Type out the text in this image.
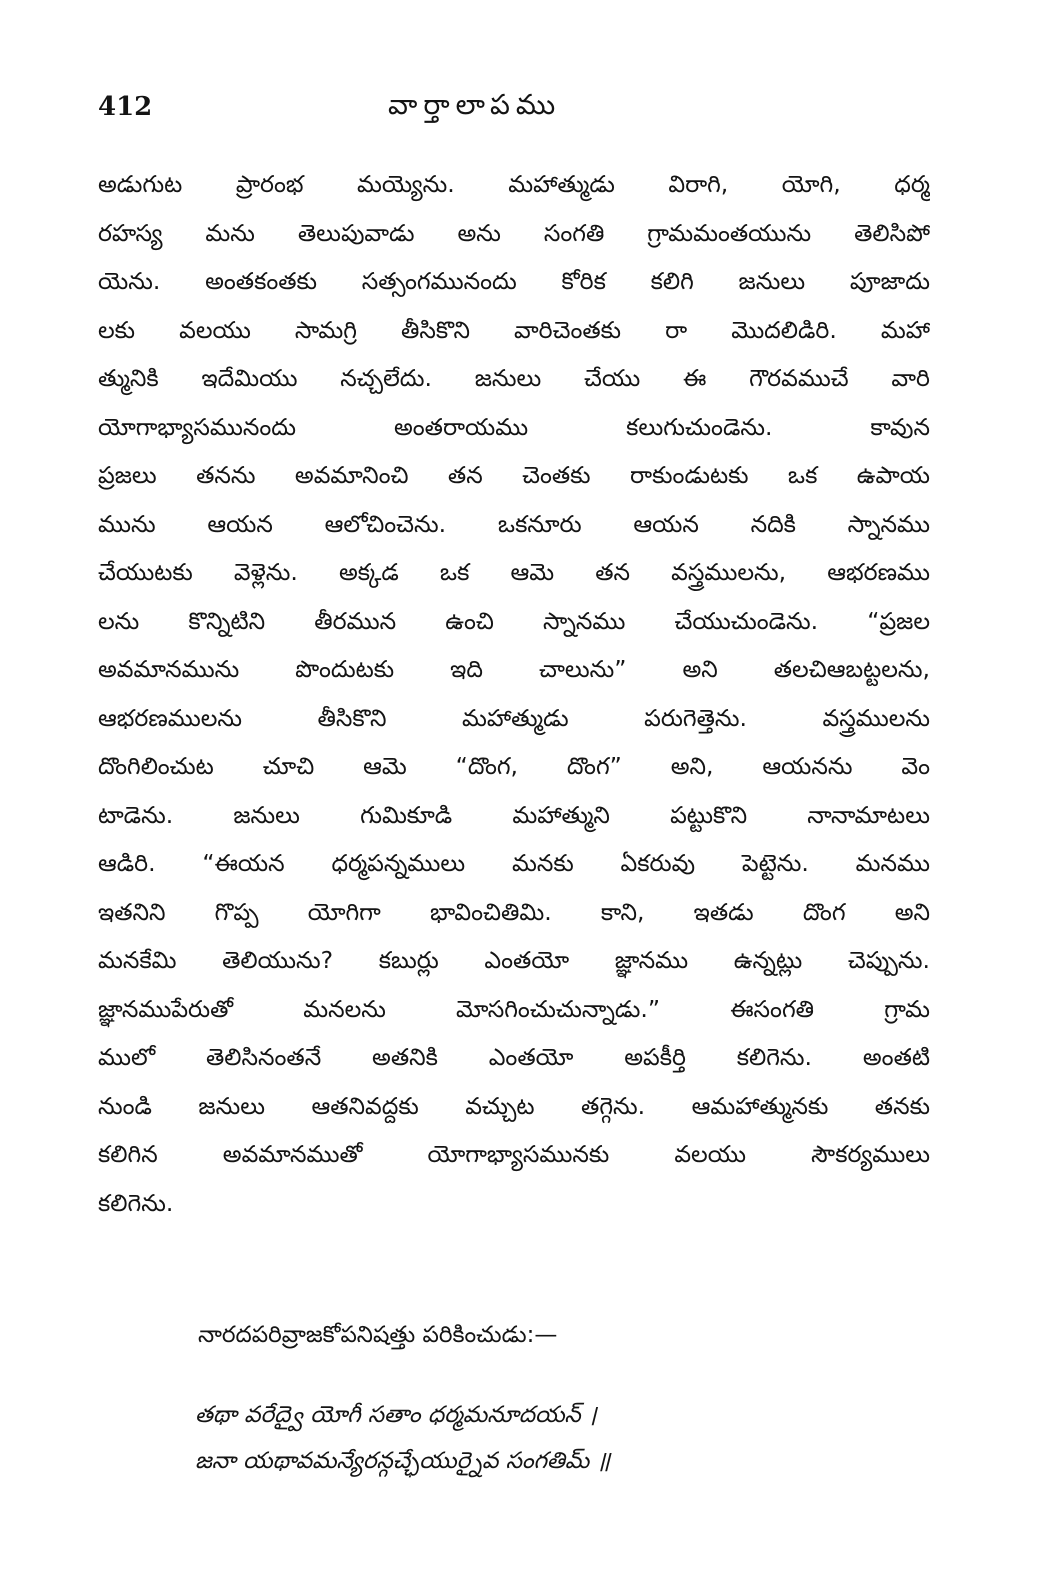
412	వార్తాలాపము
అడుగుట ప్రారంభ మయ్యెను. మహాత్ముడు విరాగి, యోగి, ధర్మ
రహస్య మను తెలుపువాడు అను సంగతి గ్రామమంతయును తెలిసిపో
యెను. అంతకంతకు సత్సంగమునందు కోరిక కలిగి జనులు పూజాదు
లకు వలయు సామగ్రి తీసికొని వారిచెంతకు రా మొదలిడిరి. మహా
త్మునికి ఇదేమియు నచ్చలేదు. జనులు చేయు ఈ గౌరవముచే వారి
యోగాభ్యాసమునందు అంతరాయము కలుగుచుండెను. కావున
ప్రజలు తనను అవమానించి తన చెంతకు రాకుండుటకు ఒక ఉపాయ
మును ఆయన ఆలోచించెను. ఒకనూరు ఆయన నదికి స్నానము
చేయుటకు వెళ్లెను. అక్కడ ఒక ఆమె తన వస్త్రములను, ఆభరణము
లను కొన్నిటిని తీరమున ఉంచి స్నానము చేయుచుండెను. “ప్రజల
అవమానమును పొందుటకు ఇది చాలును” అని తలచిఆబట్టలను,
ఆభరణములను తీసికొని మహాత్ముడు పరుగెత్తెను. వస్త్రములను
దొంగిలించుట చూచి ఆమె “దొంగ, దొంగ” అని, ఆయనను వెం
టాడెను. జనులు గుమికూడి మహాత్ముని పట్టుకొని నానామాటలు
ఆడిరి. “ఈయన ధర్మపన్నములు మనకు ఏకరువు పెట్టెను. మనము
ఇతనిని గొప్ప యోగిగా భావించితిమి. కాని, ఇతడు దొంగ అని
మనకేమి తెలియును? కబుర్లు ఎంతయో జ్ఞానము ఉన్నట్లు చెప్పును.
జ్ఞానముపేరుతో మనలను మోసగించుచున్నాడు.” ఈసంగతి గ్రామ
ములో తెలిసినంతనే అతనికి ఎంతయో అపకీర్తి కలిగెను. అంతటి
నుండి జనులు ఆతనివద్దకు వచ్చుట తగ్గెను. ఆమహాత్మునకు తనకు
కలిగిన అవమానముతో యోగాభ్యాసమునకు వలయు సౌకర్యములు
కలిగెను.
నారదపరివ్రాజకోపనిషత్తు పరికించుడు:—
తథా వరేద్వై యోగీ సతాం ధర్మమనూదయన్ ।
జనా యథావమన్యేరన్గచ్ఛేయుర్నైవ సంగతిమ్ ॥
